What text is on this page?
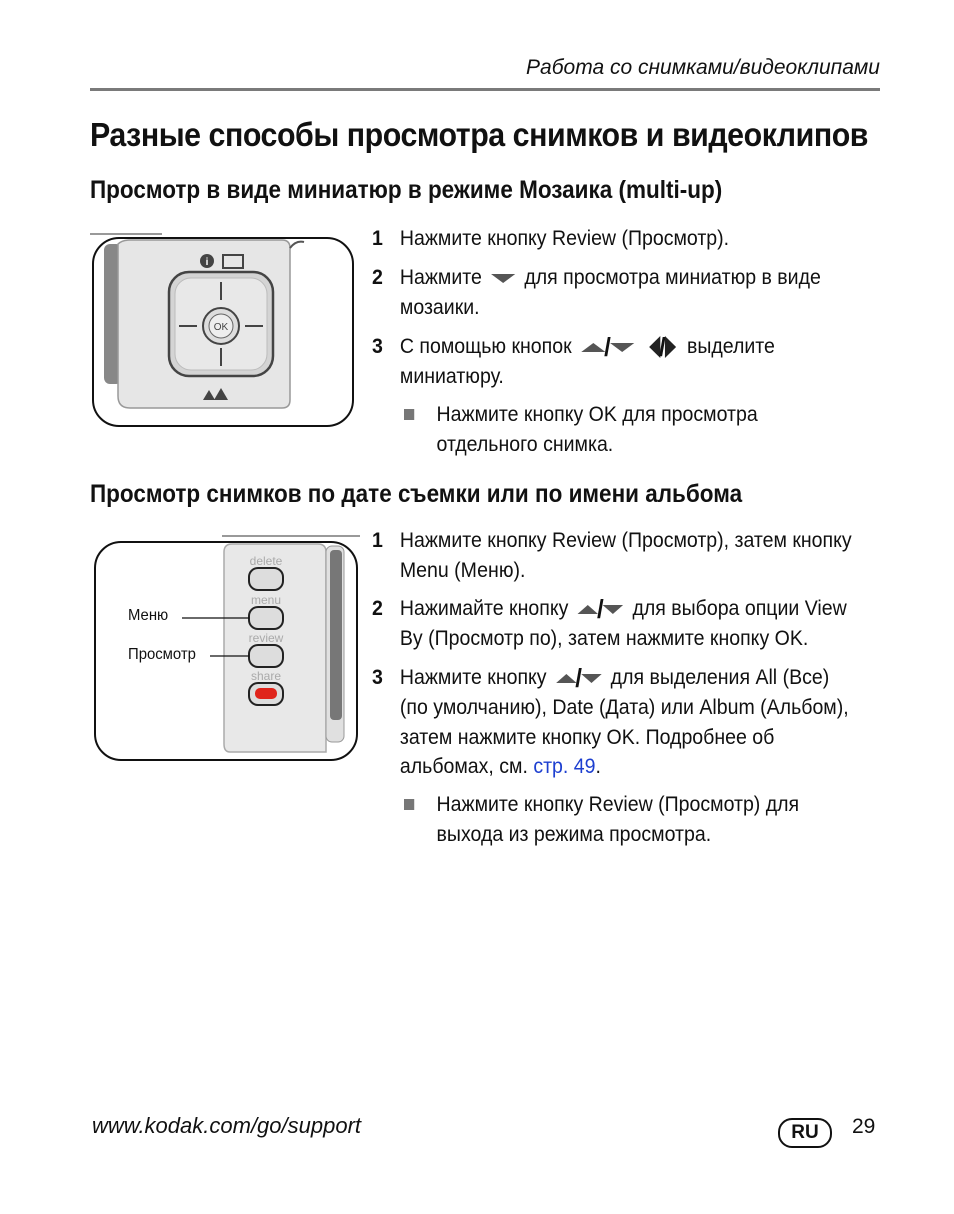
Работа со снимками/видеоклипами
Разные способы просмотра снимков и видеоклипов
Просмотр в виде миниатюр в режиме Мозаика (multi-up)
i
OK
1 Нажмите кнопку Review (Просмотр).
2 Нажмите для просмотра миниатюр в виде
мозаики.
3 С помощью кнопок / / выделите
миниатюру.
Нажмите кнопку OK для просмотра
отдельного снимка.
Просмотр снимков по дате съемки или по имени альбома
delete
menu
review
share
Меню
Просмотр
1 Нажмите кнопку Review (Просмотр), затем кнопку
Menu (Меню).
2 Нажимайте кнопку / для выбора опции View
By (Просмотр по), затем нажмите кнопку OK.
3 Нажмите кнопку / для выделения All (Все)
(по умолчанию), Date (Дата) или Album (Альбом),
затем нажмите кнопку OK. Подробнее об
альбомах, см. стр. 49.
Нажмите кнопку Review (Просмотр) для
выхода из режима просмотра.
www.kodak.com/go/support	RU	29
